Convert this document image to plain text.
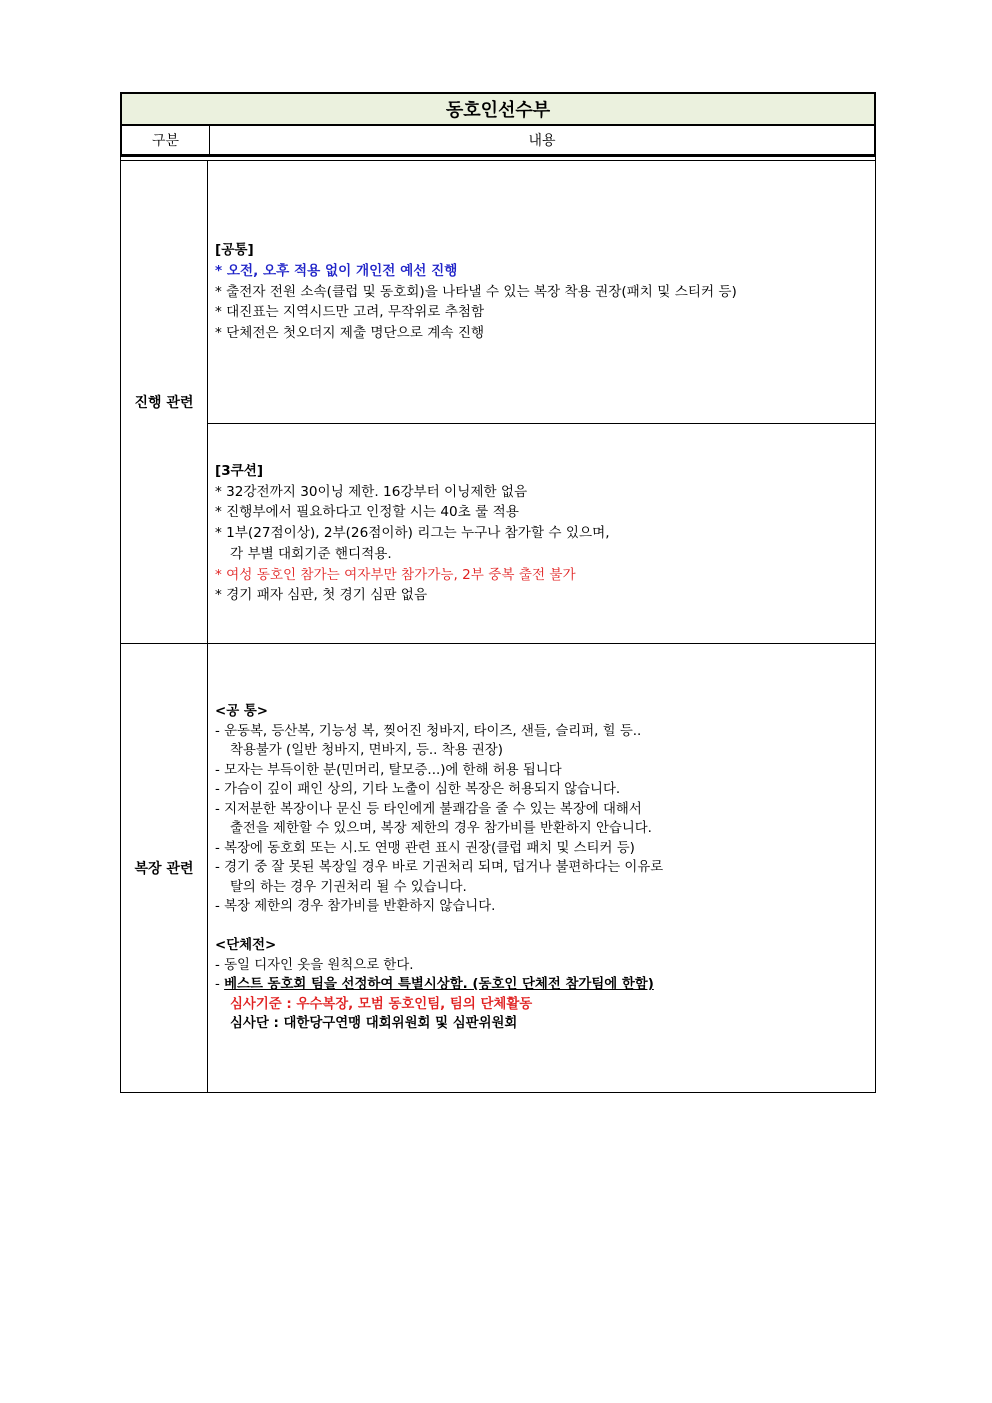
동호인선수부
구분	내용
진행 관련
[공통]
* 오전, 오후 적용 없이 개인전 예선 진행
* 출전자 전원 소속(클럽 및 동호회)을 나타낼 수 있는 복장 착용 권장(패치 및 스티커 등)
* 대진표는 지역시드만 고려, 무작위로 추첨함
* 단체전은 첫오더지 제출 명단으로 계속 진행
[3쿠션]
* 32강전까지 30이닝 제한. 16강부터 이닝제한 없음
* 진행부에서 필요하다고 인정할 시는 40초 룰 적용
* 1부(27점이상), 2부(26점이하) 리그는 누구나 참가할 수 있으며,
각 부별 대회기준 핸디적용.
* 여성 동호인 참가는 여자부만 참가가능, 2부 중복 출전 불가
* 경기 패자 심판, 첫 경기 심판 없음
복장 관련
<공 통>
- 운동복, 등산복, 기능성 복, 찢어진 청바지, 타이즈, 샌들, 슬리퍼, 힐 등..
착용불가 (일반 청바지, 면바지, 등.. 착용 권장)
- 모자는 부득이한 분(민머리, 탈모증...)에 한해 허용 됩니다
- 가슴이 깊이 패인 상의, 기타 노출이 심한 복장은 허용되지 않습니다.
- 지저분한 복장이나 문신 등 타인에게 불쾌감을 줄 수 있는 복장에 대해서
출전을 제한할 수 있으며, 복장 제한의 경우 참가비를 반환하지 안습니다.
- 복장에 동호회 또는 시.도 연맹 관련 표시 권장(클럽 패치 및 스티커 등)
- 경기 중 잘 못된 복장일 경우 바로 기권처리 되며, 덥거나 불편하다는 이유로
탈의 하는 경우 기권처리 될 수 있습니다.
- 복장 제한의 경우 참가비를 반환하지 않습니다.
<단체전>
- 동일 디자인 옷을 원칙으로 한다.
- 베스트 동호회 팀을 선정하여 특별시상함. (동호인 단체전 참가팀에 한함)
심사기준 : 우수복장, 모범 동호인팀, 팀의 단체활동
심사단 : 대한당구연맹 대회위원회 및 심판위원회
